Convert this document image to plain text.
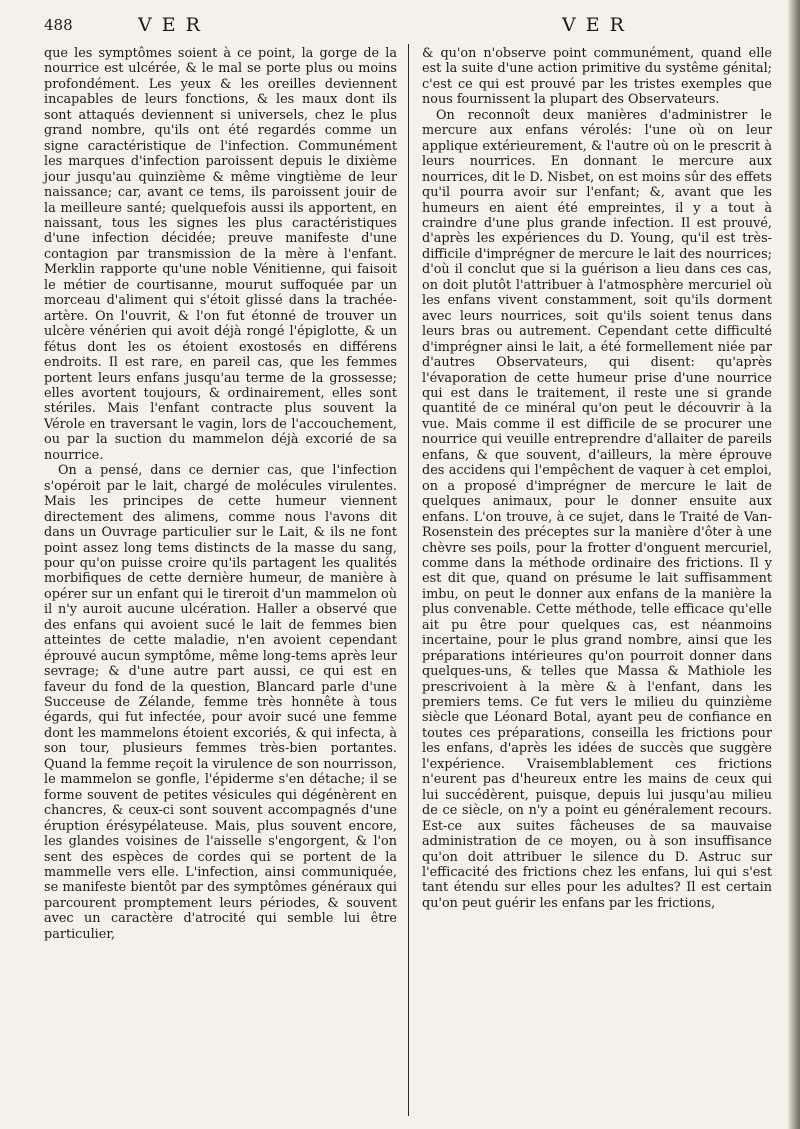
488	VER	VER

que les symptômes soient à ce point, la gorge de la nourrice est ulcérée, & le mal se porte plus ou moins profondément. Les yeux & les oreilles deviennent incapables de leurs fonctions, & les maux dont ils sont attaqués deviennent si universels, chez le plus grand nombre, qu'ils ont été regardés comme un signe caractéristique de l'infection. Communément les marques d'infection paroissent depuis le dixième jour jusqu'au quinzième & même vingtième de leur naissance; car, avant ce tems, ils paroissent jouir de la meilleure santé; quelquefois aussi ils apportent, en naissant, tous les signes les plus caractéristiques d'une infection décidée; preuve manifeste d'une contagion par transmission de la mère à l'enfant. Merklin rapporte qu'une noble Vénitienne, qui faisoit le métier de courtisanne, mourut suffoquée par un morceau d'aliment qui s'étoit glissé dans la trachée-artère. On l'ouvrit, & l'on fut étonné de trouver un ulcère vénérien qui avoit déjà rongé l'épiglotte, & un fétus dont les os étoient exostosés en différens endroits. Il est rare, en pareil cas, que les femmes portent leurs enfans jusqu'au terme de la grossesse; elles avortent toujours, & ordinairement, elles sont stériles. Mais l'enfant contracte plus souvent la Vérole en traversant le vagin, lors de l'accouchement, ou par la suction du mammelon déjà excorié de sa nourrice.

On a pensé, dans ce dernier cas, que l'infection s'opéroit par le lait, chargé de molécules virulentes. Mais les principes de cette humeur viennent directement des alimens, comme nous l'avons dit dans un Ouvrage particulier sur le Lait, & ils ne font point assez long tems distincts de la masse du sang, pour qu'on puisse croire qu'ils partagent les qualités morbifiques de cette dernière humeur, de manière à opérer sur un enfant qui le tireroit d'un mammelon où il n'y auroit aucune ulcération. Haller a observé que des enfans qui avoient sucé le lait de femmes bien atteintes de cette maladie, n'en avoient cependant éprouvé aucun symptôme, même long-tems après leur sevrage; & d'une autre part aussi, ce qui est en faveur du fond de la question, Blancard parle d'une Succeuse de Zélande, femme très honnête à tous égards, qui fut infectée, pour avoir sucé une femme dont les mammelons étoient excoriés, & qui infecta, à son tour, plusieurs femmes très-bien portantes. Quand la femme reçoit la virulence de son nourrisson, le mammelon se gonfle, l'épiderme s'en détache; il se forme souvent de petites vésicules qui dégénèrent en chancres, & ceux-ci sont souvent accompagnés d'une éruption érésypélateuse. Mais, plus souvent encore, les glandes voisines de l'aisselle s'engorgent, & l'on sent des espèces de cordes qui se portent de la mammelle vers elle. L'infection, ainsi communiquée, se manifeste bientôt par des symptômes généraux qui parcourent promptement leurs périodes, & souvent avec un caractère d'atrocité qui semble lui être particulier,

& qu'on n'observe point communément, quand elle est la suite d'une action primitive du systême génital; c'est ce qui est prouvé par les tristes exemples que nous fournissent la plupart des Observateurs.

On reconnoît deux manières d'administrer le mercure aux enfans vérolés: l'une où on leur applique extérieurement, & l'autre où on le prescrit à leurs nourrices. En donnant le mercure aux nourrices, dit le D. Nisbet, on est moins sûr des effets qu'il pourra avoir sur l'enfant; &, avant que les humeurs en aient été empreintes, il y a tout à craindre d'une plus grande infection. Il est prouvé, d'après les expériences du D. Young, qu'il est très-difficile d'imprégner de mercure le lait des nourrices; d'où il conclut que si la guérison a lieu dans ces cas, on doit plutôt l'attribuer à l'atmosphère mercuriel où les enfans vivent constamment, soit qu'ils dorment avec leurs nourrices, soit qu'ils soient tenus dans leurs bras ou autrement. Cependant cette difficulté d'imprégner ainsi le lait, a été formellement niée par d'autres Observateurs, qui disent: qu'après l'évaporation de cette humeur prise d'une nourrice qui est dans le traitement, il reste une si grande quantité de ce minéral qu'on peut le découvrir à la vue. Mais comme il est difficile de se procurer une nourrice qui veuille entreprendre d'allaiter de pareils enfans, & que souvent, d'ailleurs, la mère éprouve des accidens qui l'empêchent de vaquer à cet emploi, on a proposé d'imprégner de mercure le lait de quelques animaux, pour le donner ensuite aux enfans. L'on trouve, à ce sujet, dans le Traité de Van-Rosenstein des préceptes sur la manière d'ôter à une chèvre ses poils, pour la frotter d'onguent mercuriel, comme dans la méthode ordinaire des frictions. Il y est dit que, quand on présume le lait suffisamment imbu, on peut le donner aux enfans de la manière la plus convenable. Cette méthode, telle efficace qu'elle ait pu être pour quelques cas, est néanmoins incertaine, pour le plus grand nombre, ainsi que les préparations intérieures qu'on pourroit donner dans quelques-uns, & telles que Massa & Mathiole les prescrivoient à la mère & à l'enfant, dans les premiers tems. Ce fut vers le milieu du quinzième siècle que Léonard Botal, ayant peu de confiance en toutes ces préparations, conseilla les frictions pour les enfans, d'après les idées de succès que suggère l'expérience. Vraisemblablement ces frictions n'eurent pas d'heureux entre les mains de ceux qui lui succédèrent, puisque, depuis lui jusqu'au milieu de ce siècle, on n'y a point eu généralement recours. Est-ce aux suites fâcheuses de sa mauvaise administration de ce moyen, ou à son insuffisance qu'on doit attribuer le silence du D. Astruc sur l'efficacité des frictions chez les enfans, lui qui s'est tant étendu sur elles pour les adultes? Il est certain qu'on peut guérir les enfans par les frictions,
